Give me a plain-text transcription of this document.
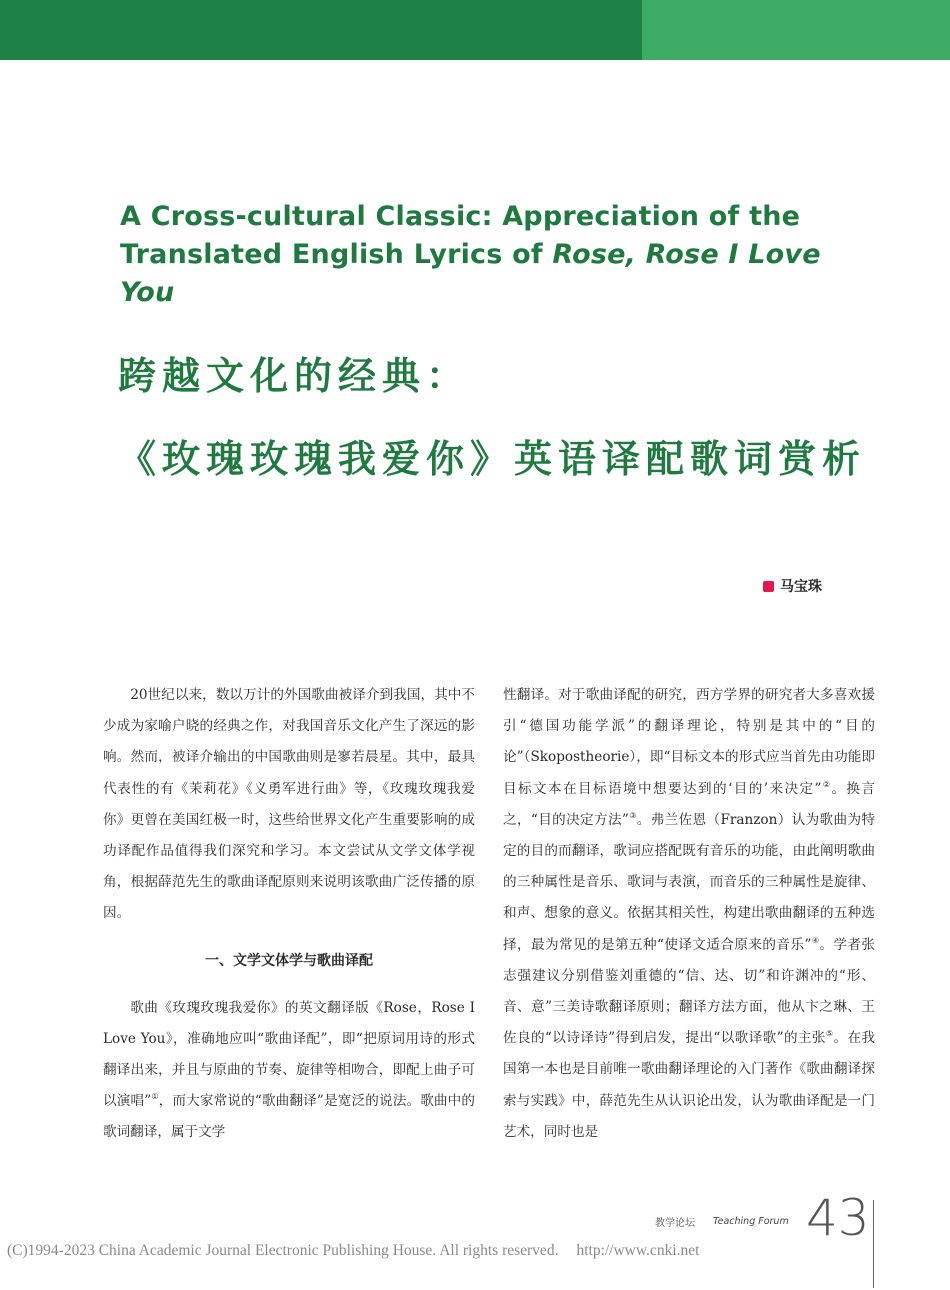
A Cross-cultural Classic: Appreciation of the
Translated English Lyrics of Rose, Rose I Love You
跨越文化的经典：
《玫瑰玫瑰我爱你》英语译配歌词赏析
马宝珠

20世纪以来，数以万计的外国歌曲被译介到我国，其中不少成为家喻户晓的经典之作，对我国音乐文化产生了深远的影响。然而，被译介输出的中国歌曲则是寥若晨星。其中，最具代表性的有《茉莉花》《义勇军进行曲》等，《玫瑰玫瑰我爱你》更曾在美国红极一时，这些给世界文化产生重要影响的成功译配作品值得我们深究和学习。本文尝试从文学文体学视角，根据薛范先生的歌曲译配原则来说明该歌曲广泛传播的原因。

一、文学文体学与歌曲译配

歌曲《玫瑰玫瑰我爱你》的英文翻译版《Rose，Rose I Love You》，准确地应叫“歌曲译配”，即“把原词用诗的形式翻译出来，并且与原曲的节奏、旋律等相吻合，即配上曲子可以演唱”①，而大家常说的“歌曲翻译”是宽泛的说法。歌曲中的歌词翻译，属于文学

性翻译。对于歌曲译配的研究，西方学界的研究者大多喜欢援引“德国功能学派”的翻译理论，特别是其中的“目的论”（Skopostheorie），即“目标文本的形式应当首先由功能即目标文本在目标语境中想要达到的‘目的’来决定”②。换言之，“目的决定方法”③。弗兰佐恩（Franzon）认为歌曲为特定的目的而翻译，歌词应搭配既有音乐的功能，由此阐明歌曲的三种属性是音乐、歌词与表演，而音乐的三种属性是旋律、和声、想象的意义。依据其相关性，构建出歌曲翻译的五种选择，最为常见的是第五种“使译文适合原来的音乐”④。学者张志强建议分别借鉴刘重德的“信、达、切”和许渊冲的“形、音、意”三美诗歌翻译原则；翻译方法方面，他从卞之琳、王佐良的“以诗译诗”得到启发，提出“以歌译歌”的主张⑤。在我国第一本也是目前唯一歌曲翻译理论的入门著作《歌曲翻译探索与实践》中，薛范先生从认识论出发，认为歌曲译配是一门艺术，同时也是

教学论坛 Teaching Forum 43
(C)1994-2023 China Academic Journal Electronic Publishing House. All rights reserved. http://www.cnki.net
